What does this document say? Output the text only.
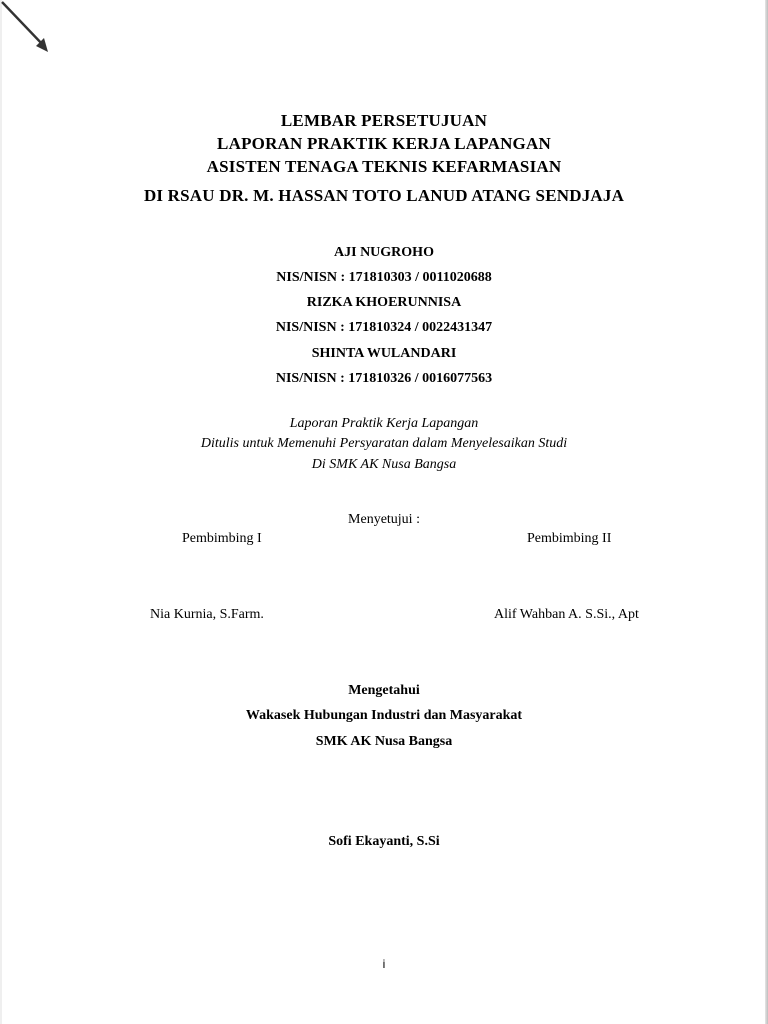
LEMBAR PERSETUJUAN
LAPORAN PRAKTIK KERJA LAPANGAN
ASISTEN TENAGA TEKNIS KEFARMASIAN
DI RSAU DR. M. HASSAN TOTO LANUD ATANG SENDJAJA
AJI NUGROHO
NIS/NISN : 171810303 / 0011020688
RIZKA KHOERUNNISA
NIS/NISN : 171810324 / 0022431347
SHINTA WULANDARI
NIS/NISN : 171810326 / 0016077563
Laporan Praktik Kerja Lapangan
Ditulis untuk Memenuhi Persyaratan dalam Menyelesaikan Studi
Di SMK AK Nusa Bangsa
Menyetujui :
Pembimbing I	Pembimbing II
Nia Kurnia, S.Farm.	Alif Wahban A. S.Si., Apt
Mengetahui
Wakasek Hubungan Industri dan Masyarakat
SMK AK Nusa Bangsa
Sofi Ekayanti, S.Si
i
